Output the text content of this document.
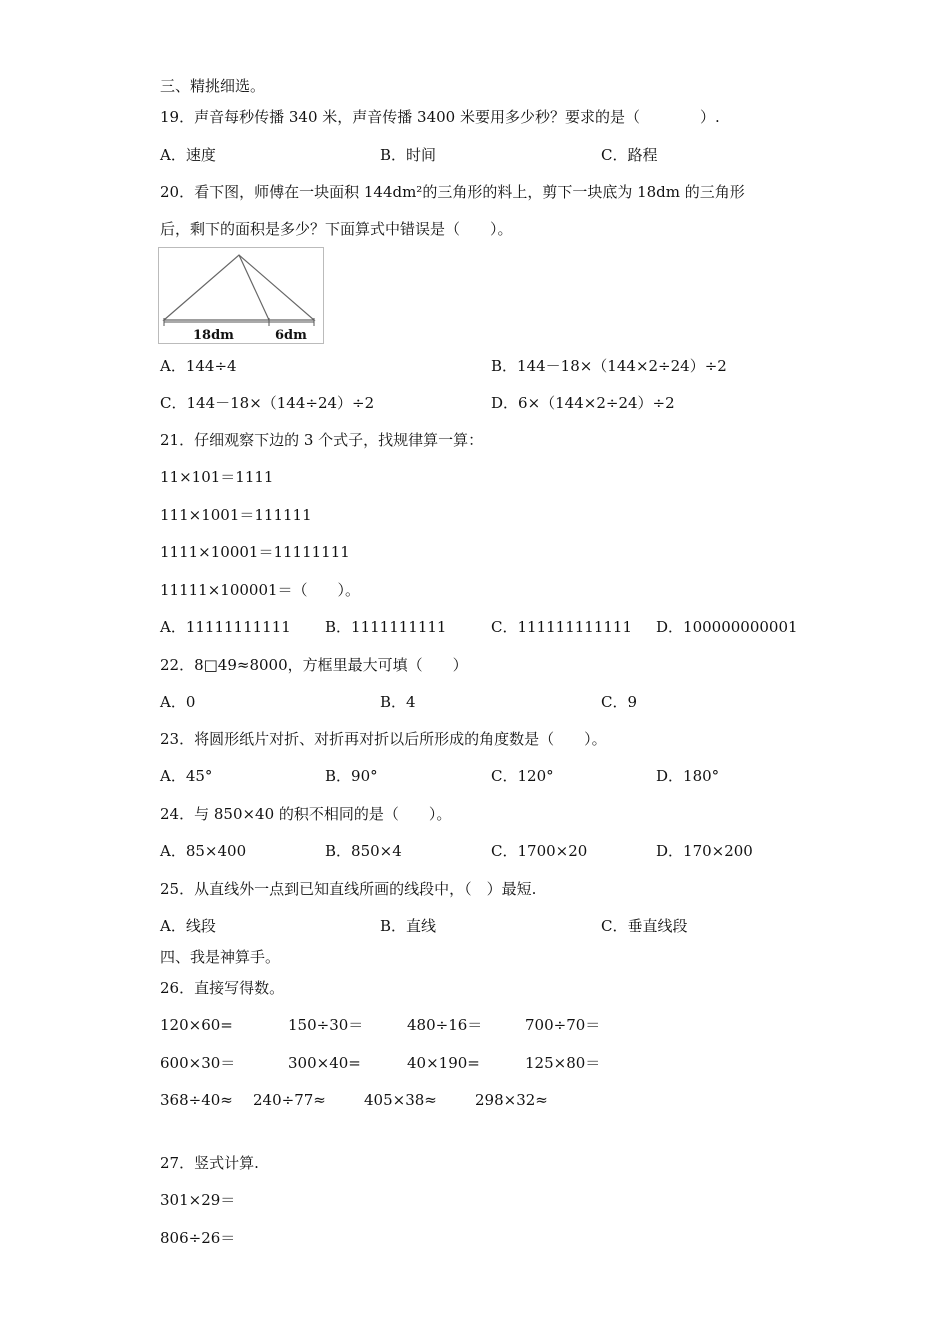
三、精挑细选。
19．声音每秒传播 340 米，声音传播 3400 米要用多少秒？要求的是（　　　　）.
A．速度	B．时间	C．路程
20．看下图，师傅在一块面积 144dm²的三角形的料上，剪下一块底为 18dm 的三角形
后，剩下的面积是多少？下面算式中错误是（　　）。
18dm	6dm
A．144÷4	B．144－18×（144×2÷24）÷2
C．144－18×（144÷24）÷2	D．6×（144×2÷24）÷2
21．仔细观察下边的 3 个式子，找规律算一算：
11×101＝1111
111×1001＝111111
1111×10001＝11111111
11111×100001＝（　　）。
A．11111111111 B．1111111111	C．111111111111 D．100000000001
22．8□49≈8000，方框里最大可填（　　）
A．0	B．4	C．9
23．将圆形纸片对折、对折再对折以后所形成的角度数是（　　）。
A．45°	B．90°	C．120°	D．180°
24．与 850×40 的积不相同的是（　　）。
A．85×400	B．850×4	C．1700×20	D．170×200
25．从直线外一点到已知直线所画的线段中，（　）最短.
A．线段	B．直线	C．垂直线段
四、我是神算手。
26．直接写得数。
120×60=	150÷30＝	480÷16＝	700÷70＝
600×30＝	300×40=	40×190=	125×80＝
368÷40≈ 240÷77≈	405×38≈	298×32≈
27．竖式计算.
301×29＝
806÷26＝
